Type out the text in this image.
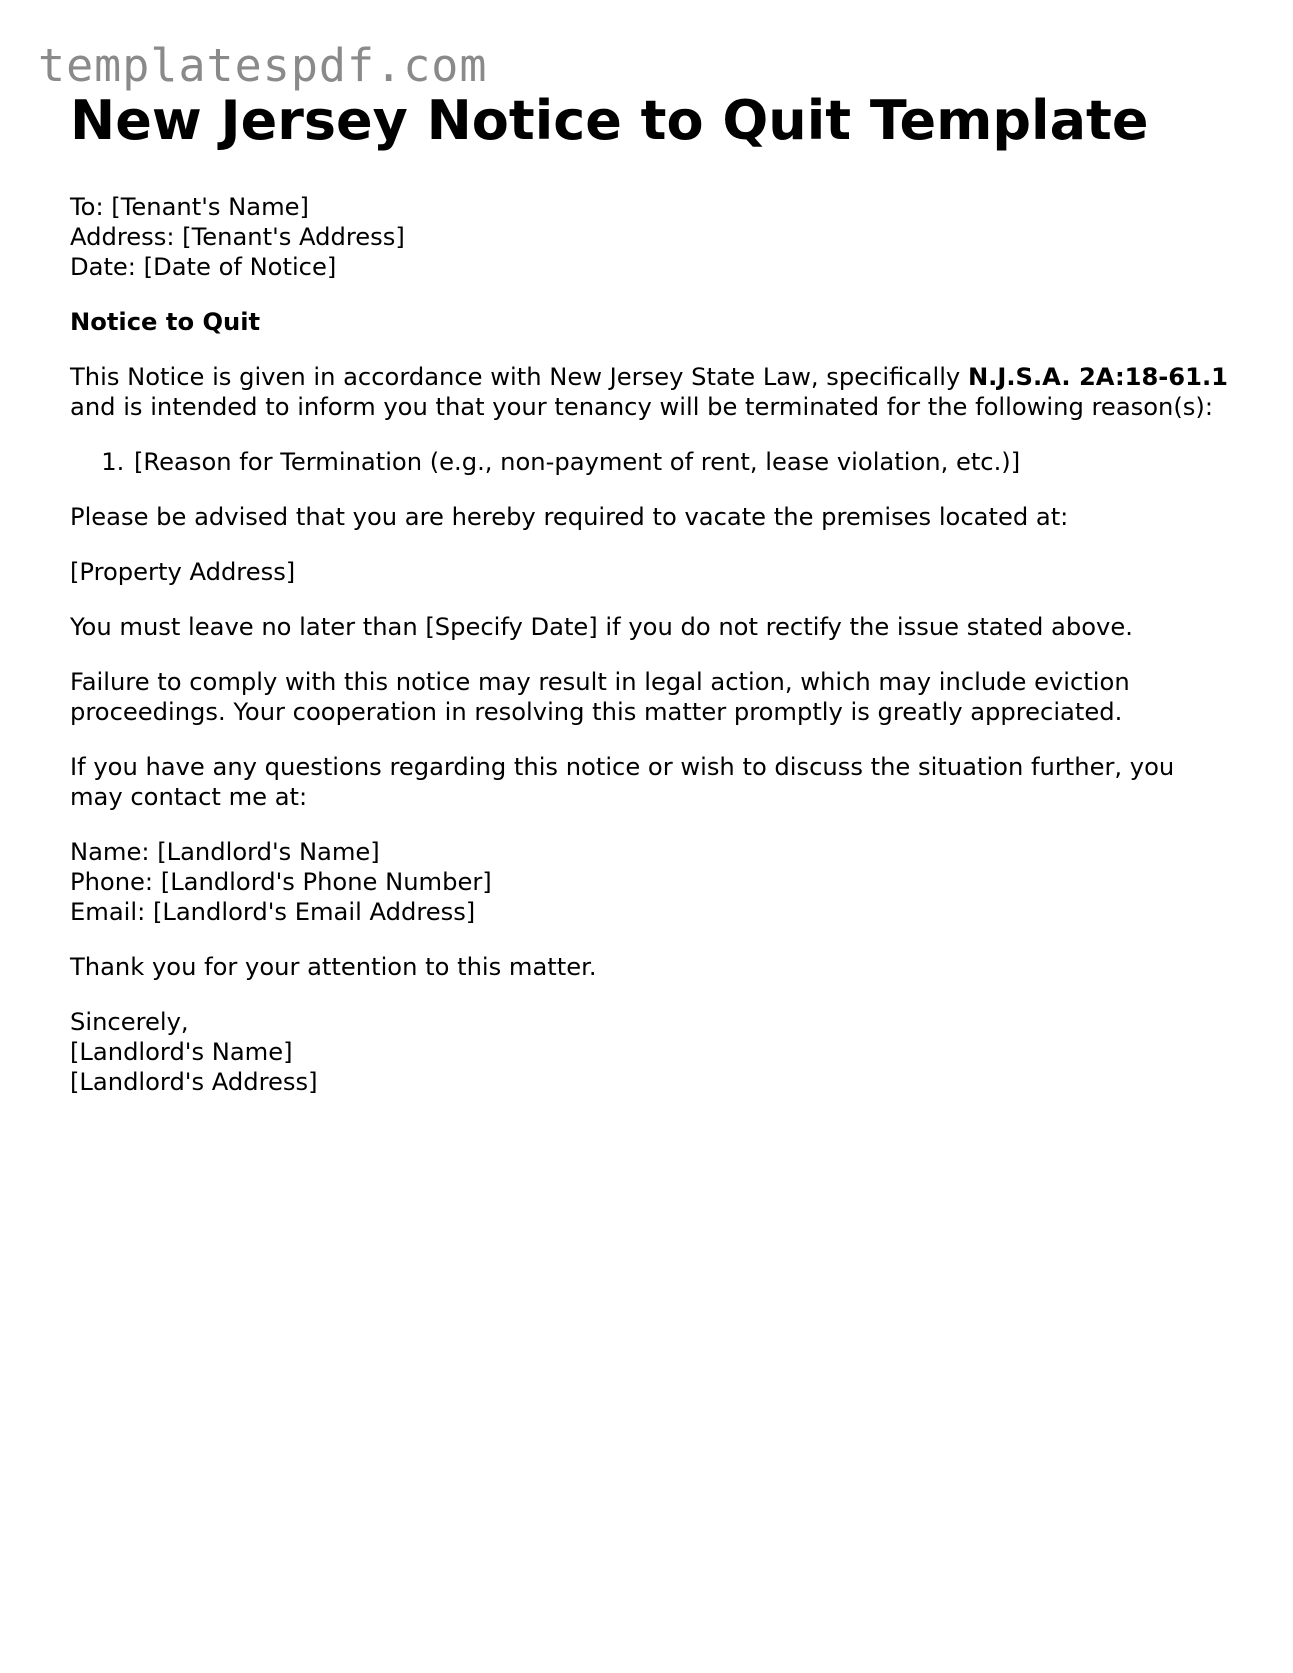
templatespdf.com
New Jersey Notice to Quit Template

To: [Tenant's Name]
Address: [Tenant's Address]
Date: [Date of Notice]

Notice to Quit

This Notice is given in accordance with New Jersey State Law, specifically N.J.S.A. 2A:18-61.1 and is intended to inform you that your tenancy will be terminated for the following reason(s):

1. [Reason for Termination (e.g., non-payment of rent, lease violation, etc.)]

Please be advised that you are hereby required to vacate the premises located at:

[Property Address]

You must leave no later than [Specify Date] if you do not rectify the issue stated above.

Failure to comply with this notice may result in legal action, which may include eviction proceedings. Your cooperation in resolving this matter promptly is greatly appreciated.

If you have any questions regarding this notice or wish to discuss the situation further, you may contact me at:

Name: [Landlord's Name]
Phone: [Landlord's Phone Number]
Email: [Landlord's Email Address]

Thank you for your attention to this matter.

Sincerely,
[Landlord's Name]
[Landlord's Address]
